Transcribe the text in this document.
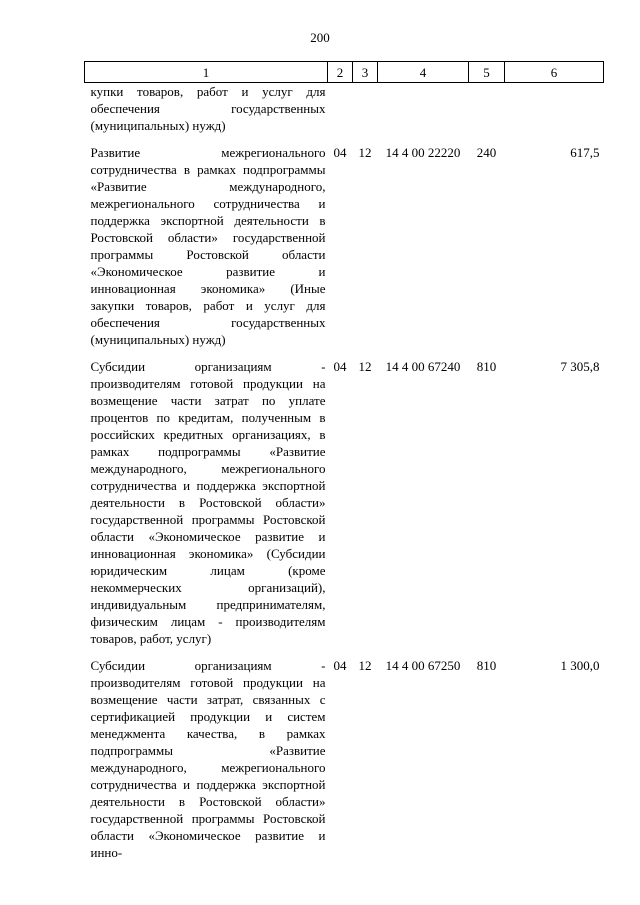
200
1	2	3	4	5	6
купки товаров, работ и услуг для обеспечения государственных (муниципальных) нужд)					
Развитие межрегионального сотрудничества в рамках подпрограммы «Развитие международного, межрегионального сотрудничества и поддержка экспортной деятельности в Ростовской области» государственной программы Ростовской области «Экономическое развитие и инновационная экономика» (Иные закупки товаров, работ и услуг для обеспечения государственных (муниципальных) нужд)	04	12	14 4 00 22220	240	617,5
Субсидии организациям - производителям готовой продукции на возмещение части затрат по уплате процентов по кредитам, полученным в российских кредитных организациях, в рамках подпрограммы «Развитие международного, межрегионального сотрудничества и поддержка экспортной деятельности в Ростовской области» государственной программы Ростовской области «Экономическое развитие и инновационная экономика» (Субсидии юридическим лицам (кроме некоммерческих организаций), индивидуальным предпринимателям, физическим лицам - производителям товаров, работ, услуг)	04	12	14 4 00 67240	810	7 305,8
Субсидии организациям - производителям готовой продукции на возмещение части затрат, связанных с сертификацией продукции и систем менеджмента качества, в рамках подпрограммы «Развитие международного, межрегионального сотрудничества и поддержка экспортной деятельности в Ростовской области» государственной программы Ростовской области «Экономическое развитие и инно-	04	12	14 4 00 67250	810	1 300,0
